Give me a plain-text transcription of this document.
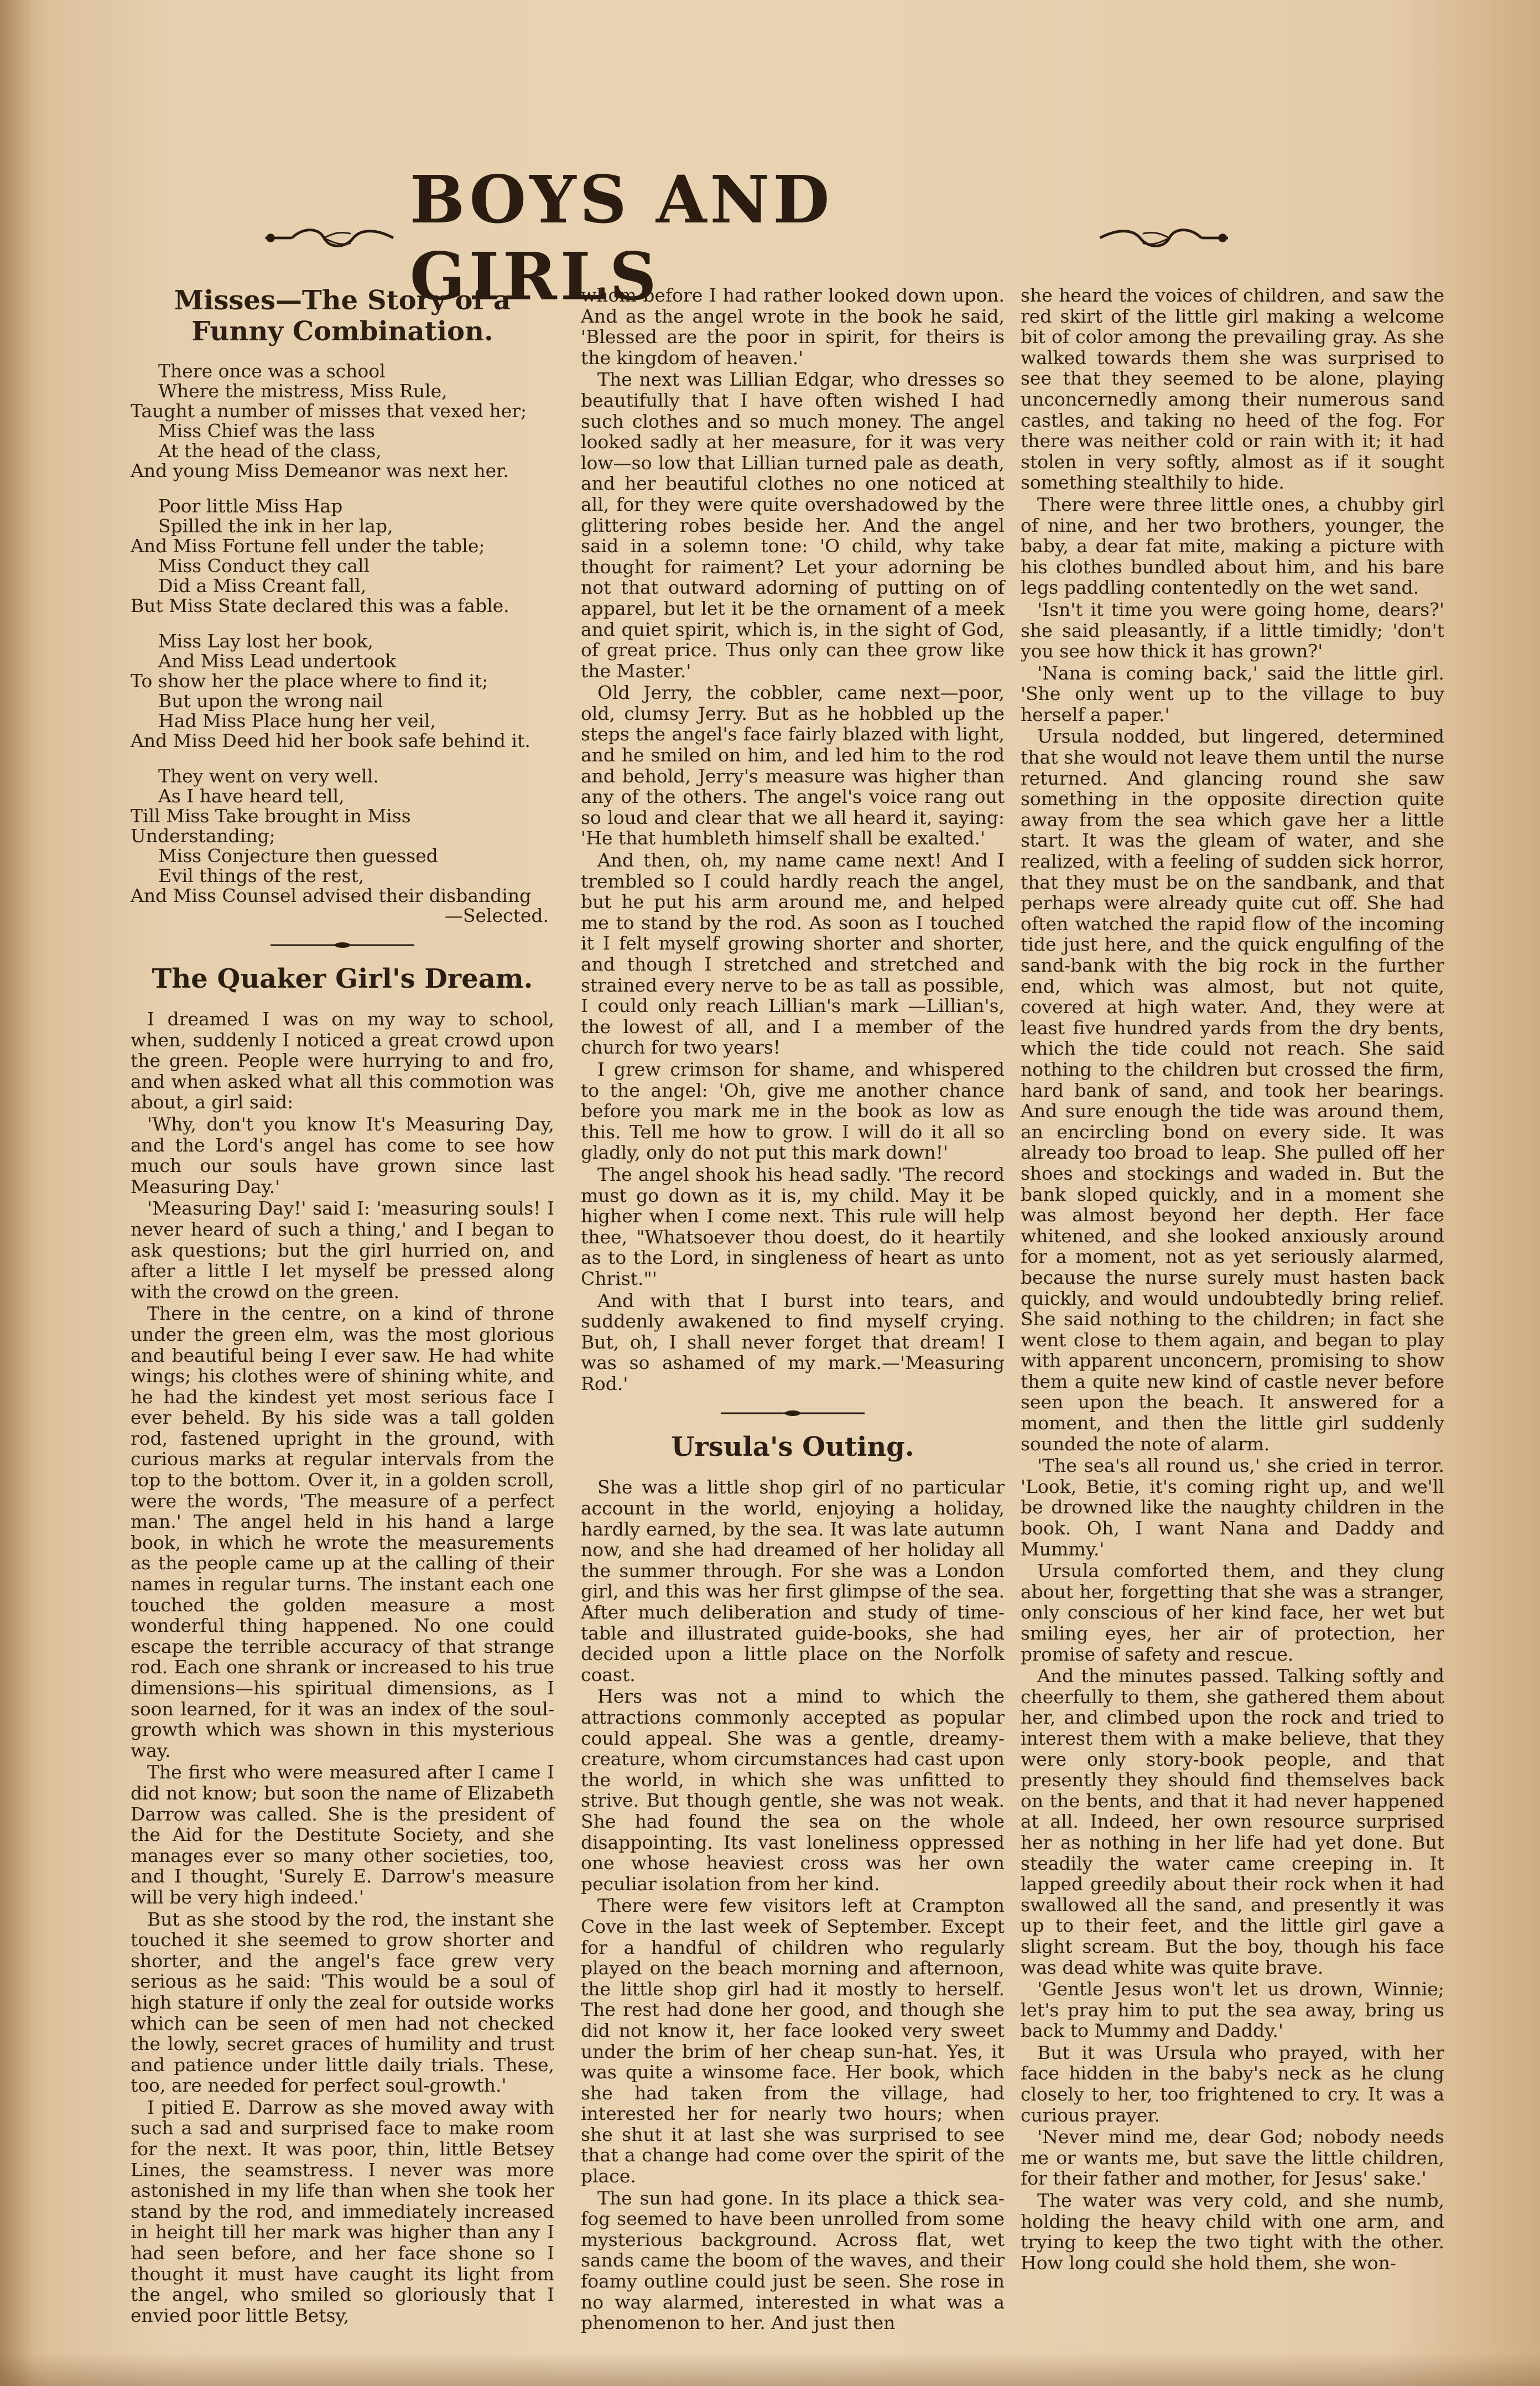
BOYS AND GIRLS
Misses—The Story of a Funny Combination.
There once was a school
Where the mistress, Miss Rule,
Taught a number of misses that vexed her;
Miss Chief was the lass
At the head of the class,
And young Miss Demeanor was next her.
Poor little Miss Hap
Spilled the ink in her lap,
And Miss Fortune fell under the table;
Miss Conduct they call
Did a Miss Creant fall,
But Miss State declared this was a fable.
Miss Lay lost her book,
And Miss Lead undertook
To show her the place where to find it;
But upon the wrong nail
Had Miss Place hung her veil,
And Miss Deed hid her book safe behind it.
They went on very well.
As I have heard tell,
Till Miss Take brought in Miss Understanding;
Miss Conjecture then guessed
Evil things of the rest,
And Miss Counsel advised their disbanding
—Selected.
The Quaker Girl's Dream.

I dreamed I was on my way to school, when, suddenly I noticed a great crowd upon the green. People were hurrying to and fro, and when asked what all this commotion was about, a girl said:

'Why, don't you know It's Measuring Day, and the Lord's angel has come to see how much our souls have grown since last Measuring Day.'

'Measuring Day!' said I: 'measuring souls! I never heard of such a thing,' and I began to ask questions; but the girl hurried on, and after a little I let myself be pressed along with the crowd on the green.

There in the centre, on a kind of throne under the green elm, was the most glorious and beautiful being I ever saw. He had white wings; his clothes were of shining white, and he had the kindest yet most serious face I ever beheld. By his side was a tall golden rod, fastened upright in the ground, with curious marks at regular intervals from the top to the bottom. Over it, in a golden scroll, were the words, 'The measure of a perfect man.' The angel held in his hand a large book, in which he wrote the measurements as the people came up at the calling of their names in regular turns. The instant each one touched the golden measure a most wonderful thing happened. No one could escape the terrible accuracy of that strange rod. Each one shrank or increased to his true dimensions—his spiritual dimensions, as I soon learned, for it was an index of the soul-growth which was shown in this mysterious way.

The first who were measured after I came I did not know; but soon the name of Elizabeth Darrow was called. She is the president of the Aid for the Destitute Society, and she manages ever so many other societies, too, and I thought, 'Surely E. Darrow's measure will be very high indeed.'

But as she stood by the rod, the instant she touched it she seemed to grow shorter and shorter, and the angel's face grew very serious as he said: 'This would be a soul of high stature if only the zeal for outside works which can be seen of men had not checked the lowly, secret graces of humility and trust and patience under little daily trials. These, too, are needed for perfect soul-growth.'

I pitied E. Darrow as she moved away with such a sad and surprised face to make room for the next. It was poor, thin, little Betsey Lines, the seamstress. I never was more astonished in my life than when she took her stand by the rod, and immediately increased in height till her mark was higher than any I had seen before, and her face shone so I thought it must have caught its light from the angel, who smiled so gloriously that I envied poor little Betsy,

whom before I had rather looked down upon. And as the angel wrote in the book he said, 'Blessed are the poor in spirit, for theirs is the kingdom of heaven.'

The next was Lillian Edgar, who dresses so beautifully that I have often wished I had such clothes and so much money. The angel looked sadly at her measure, for it was very low—so low that Lillian turned pale as death, and her beautiful clothes no one noticed at all, for they were quite overshadowed by the glittering robes beside her. And the angel said in a solemn tone: 'O child, why take thought for raiment? Let your adorning be not that outward adorning of putting on of apparel, but let it be the ornament of a meek and quiet spirit, which is, in the sight of God, of great price. Thus only can thee grow like the Master.'

Old Jerry, the cobbler, came next—poor, old, clumsy Jerry. But as he hobbled up the steps the angel's face fairly blazed with light, and he smiled on him, and led him to the rod and behold, Jerry's measure was higher than any of the others. The angel's voice rang out so loud and clear that we all heard it, saying: 'He that humbleth himself shall be exalted.'

And then, oh, my name came next! And I trembled so I could hardly reach the angel, but he put his arm around me, and helped me to stand by the rod. As soon as I touched it I felt myself growing shorter and shorter, and though I stretched and stretched and strained every nerve to be as tall as possible, I could only reach Lillian's mark —Lillian's, the lowest of all, and I a member of the church for two years!

I grew crimson for shame, and whispered to the angel: 'Oh, give me another chance before you mark me in the book as low as this. Tell me how to grow. I will do it all so gladly, only do not put this mark down!'

The angel shook his head sadly. 'The record must go down as it is, my child. May it be higher when I come next. This rule will help thee, "Whatsoever thou doest, do it heartily as to the Lord, in singleness of heart as unto Christ."'

And with that I burst into tears, and suddenly awakened to find myself crying. But, oh, I shall never forget that dream! I was so ashamed of my mark.—'Measuring Rod.'

Ursula's Outing.

She was a little shop girl of no particular account in the world, enjoying a holiday, hardly earned, by the sea. It was late autumn now, and she had dreamed of her holiday all the summer through. For she was a London girl, and this was her first glimpse of the sea. After much deliberation and study of time-table and illustrated guide-books, she had decided upon a little place on the Norfolk coast.

Hers was not a mind to which the attractions commonly accepted as popular could appeal. She was a gentle, dreamy-creature, whom circumstances had cast upon the world, in which she was unfitted to strive. But though gentle, she was not weak. She had found the sea on the whole disappointing. Its vast loneliness oppressed one whose heaviest cross was her own peculiar isolation from her kind.

There were few visitors left at Crampton Cove in the last week of September. Except for a handful of children who regularly played on the beach morning and afternoon, the little shop girl had it mostly to herself. The rest had done her good, and though she did not know it, her face looked very sweet under the brim of her cheap sun-hat. Yes, it was quite a winsome face. Her book, which she had taken from the village, had interested her for nearly two hours; when she shut it at last she was surprised to see that a change had come over the spirit of the place.

The sun had gone. In its place a thick sea-fog seemed to have been unrolled from some mysterious background. Across flat, wet sands came the boom of the waves, and their foamy outline could just be seen. She rose in no way alarmed, interested in what was a phenomenon to her. And just then

she heard the voices of children, and saw the red skirt of the little girl making a welcome bit of color among the prevailing gray. As she walked towards them she was surprised to see that they seemed to be alone, playing unconcernedly among their numerous sand castles, and taking no heed of the fog. For there was neither cold or rain with it; it had stolen in very softly, almost as if it sought something stealthily to hide.

There were three little ones, a chubby girl of nine, and her two brothers, younger, the baby, a dear fat mite, making a picture with his clothes bundled about him, and his bare legs paddling contentedly on the wet sand.

'Isn't it time you were going home, dears?' she said pleasantly, if a little timidly; 'don't you see how thick it has grown?'

'Nana is coming back,' said the little girl. 'She only went up to the village to buy herself a paper.'

Ursula nodded, but lingered, determined that she would not leave them until the nurse returned. And glancing round she saw something in the opposite direction quite away from the sea which gave her a little start. It was the gleam of water, and she realized, with a feeling of sudden sick horror, that they must be on the sandbank, and that perhaps were already quite cut off. She had often watched the rapid flow of the incoming tide just here, and the quick engulfing of the sand-bank with the big rock in the further end, which was almost, but not quite, covered at high water. And, they were at least five hundred yards from the dry bents, which the tide could not reach. She said nothing to the children but crossed the firm, hard bank of sand, and took her bearings. And sure enough the tide was around them, an encircling bond on every side. It was already too broad to leap. She pulled off her shoes and stockings and waded in. But the bank sloped quickly, and in a moment she was almost beyond her depth. Her face whitened, and she looked anxiously around for a moment, not as yet seriously alarmed, because the nurse surely must hasten back quickly, and would undoubtedly bring relief. She said nothing to the children; in fact she went close to them again, and began to play with apparent unconcern, promising to show them a quite new kind of castle never before seen upon the beach. It answered for a moment, and then the little girl suddenly sounded the note of alarm.

'The sea's all round us,' she cried in terror. 'Look, Betie, it's coming right up, and we'll be drowned like the naughty children in the book. Oh, I want Nana and Daddy and Mummy.'

Ursula comforted them, and they clung about her, forgetting that she was a stranger, only conscious of her kind face, her wet but smiling eyes, her air of protection, her promise of safety and rescue.

And the minutes passed. Talking softly and cheerfully to them, she gathered them about her, and climbed upon the rock and tried to interest them with a make believe, that they were only story-book people, and that presently they should find themselves back on the bents, and that it had never happened at all. Indeed, her own resource surprised her as nothing in her life had yet done. But steadily the water came creeping in. It lapped greedily about their rock when it had swallowed all the sand, and presently it was up to their feet, and the little girl gave a slight scream. But the boy, though his face was dead white was quite brave.

'Gentle Jesus won't let us drown, Winnie; let's pray him to put the sea away, bring us back to Mummy and Daddy.'

But it was Ursula who prayed, with her face hidden in the baby's neck as he clung closely to her, too frightened to cry. It was a curious prayer.

'Never mind me, dear God; nobody needs me or wants me, but save the little children, for their father and mother, for Jesus' sake.'

The water was very cold, and she numb, holding the heavy child with one arm, and trying to keep the two tight with the other. How long could she hold them, she won-
